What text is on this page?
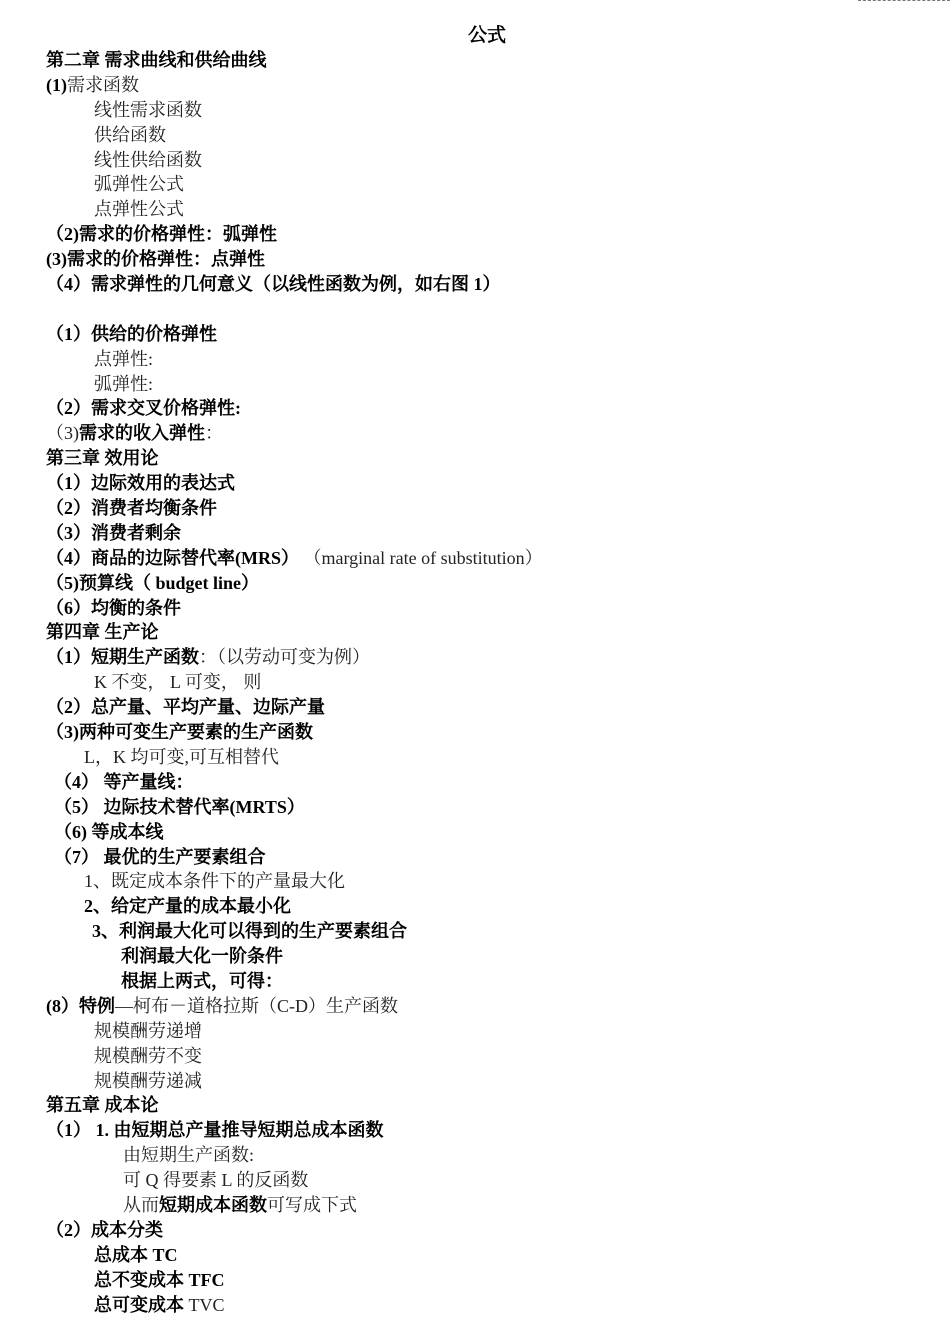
公式
第二章 需求曲线和供给曲线
(1)需求函数
线性需求函数
供给函数
线性供给函数
弧弹性公式
点弹性公式
（2)需求的价格弹性：弧弹性
(3)需求的价格弹性：点弹性
（4）需求弹性的几何意义（以线性函数为例，如右图 1）
（1）供给的价格弹性
点弹性:
弧弹性:
（2）需求交叉价格弹性:
（3)需求的收入弹性：
第三章 效用论
（1）边际效用的表达式
（2）消费者均衡条件
（3）消费者剩余
（4）商品的边际替代率(MRS） （marginal rate of substitution）
（5)预算线（ budget line）
（6）均衡的条件
第四章 生产论
（1）短期生产函数：（以劳动可变为例）
K 不变， L 可变， 则
（2）总产量、平均产量、边际产量
（3)两种可变生产要素的生产函数
L，K 均可变,可互相替代
（4） 等产量线：
（5） 边际技术替代率(MRTS）
（6) 等成本线
（7） 最优的生产要素组合
1、既定成本条件下的产量最大化
2、给定产量的成本最小化
3、利润最大化可以得到的生产要素组合
利润最大化一阶条件
根据上两式，可得：
(8）特例—柯布－道格拉斯（C-D）生产函数
规模酬劳递增
规模酬劳不变
规模酬劳递减
第五章 成本论
（1） 1. 由短期总产量推导短期总成本函数
由短期生产函数:
可 Q 得要素 L 的反函数
从而短期成本函数可写成下式
（2）成本分类
总成本 TC
总不变成本 TFC
总可变成本 TVC
